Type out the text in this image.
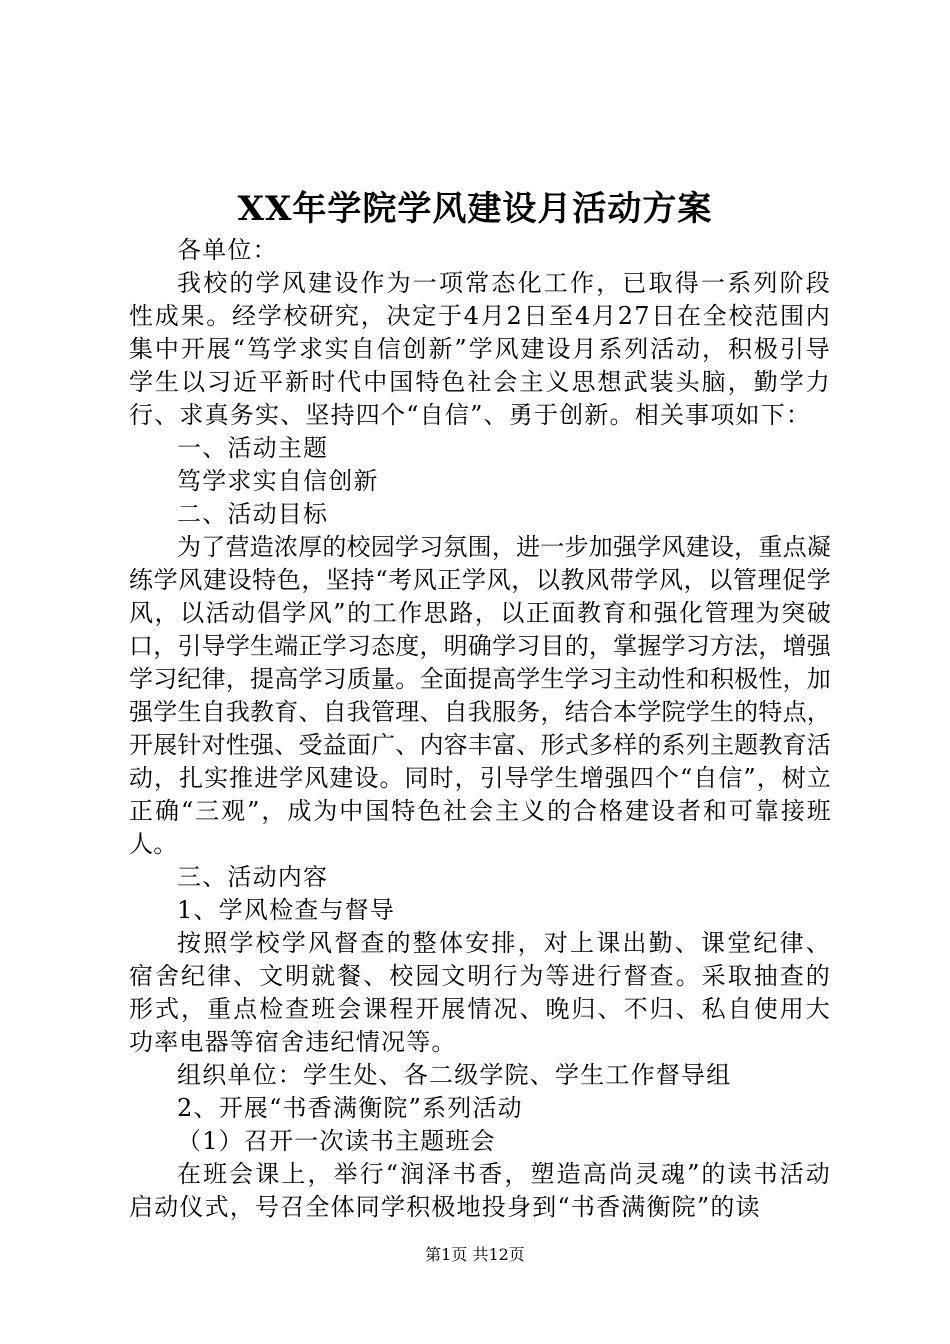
XX年学院学风建设月活动方案

各单位：

我校的学风建设作为一项常态化工作，已取得一系列阶段性成果。经学校研究，决定于4月2日至4月27日在全校范围内集中开展“笃学求实自信创新”学风建设月系列活动，积极引导学生以习近平新时代中国特色社会主义思想武装头脑，勤学力行、求真务实、坚持四个“自信”、勇于创新。相关事项如下：

一、活动主题

笃学求实自信创新

二、活动目标

为了营造浓厚的校园学习氛围，进一步加强学风建设，重点凝练学风建设特色，坚持“考风正学风，以教风带学风，以管理促学风，以活动倡学风”的工作思路，以正面教育和强化管理为突破口，引导学生端正学习态度，明确学习目的，掌握学习方法，增强学习纪律，提高学习质量。全面提高学生学习主动性和积极性，加强学生自我教育、自我管理、自我服务，结合本学院学生的特点，开展针对性强、受益面广、内容丰富、形式多样的系列主题教育活动，扎实推进学风建设。同时，引导学生增强四个“自信”，树立正确“三观”，成为中国特色社会主义的合格建设者和可靠接班人。

三、活动内容

1、学风检查与督导

按照学校学风督查的整体安排，对上课出勤、课堂纪律、宿舍纪律、文明就餐、校园文明行为等进行督查。采取抽查的形式，重点检查班会课程开展情况、晚归、不归、私自使用大功率电器等宿舍违纪情况等。

组织单位：学生处、各二级学院、学生工作督导组

2、开展“书香满衡院”系列活动

（1）召开一次读书主题班会

在班会课上，举行“润泽书香，塑造高尚灵魂”的读书活动启动仪式，号召全体同学积极地投身到“书香满衡院”的读

第1页 共12页
